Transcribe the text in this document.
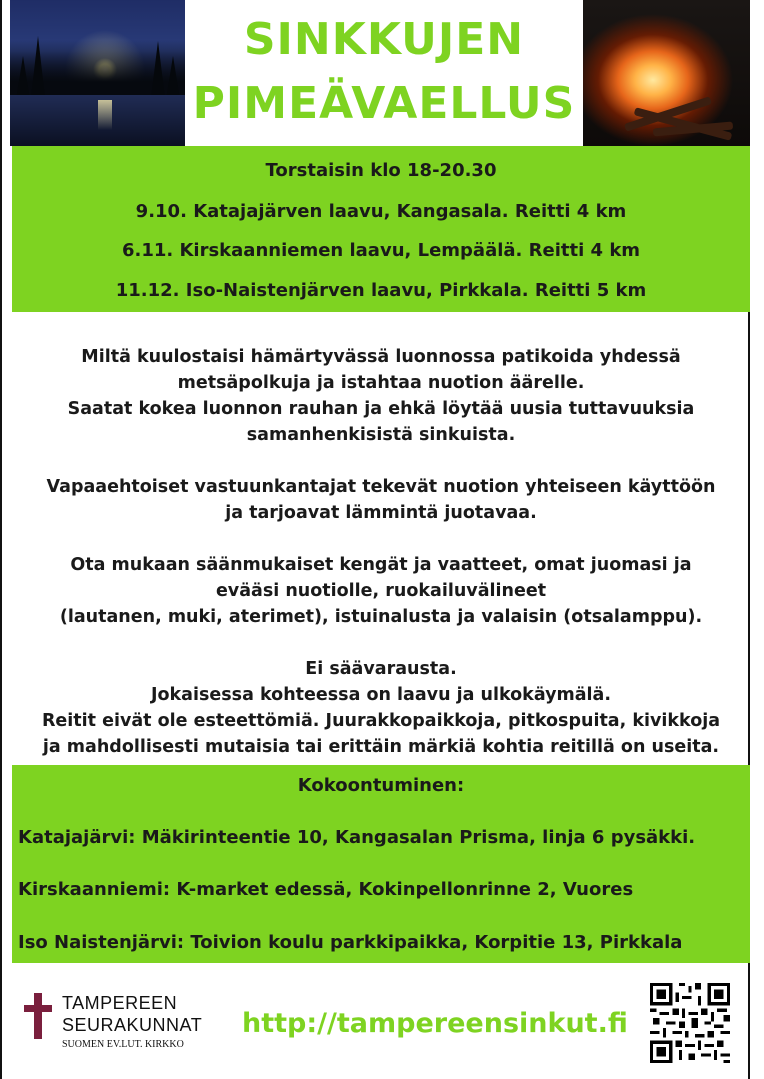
SINKKUJEN
PIMEÄVAELLUS
Torstaisin klo 18-20.30
9.10. Katajajärven laavu, Kangasala. Reitti 4 km
6.11. Kirskaanniemen laavu, Lempäälä. Reitti 4 km
11.12. Iso-Naistenjärven laavu, Pirkkala. Reitti 5 km

Miltä kuulostaisi hämärtyvässä luonnossa patikoida yhdessä
metsäpolkuja ja istahtaa nuotion äärelle.
Saatat kokea luonnon rauhan ja ehkä löytää uusia tuttavuuksia
samanhenkisistä sinkuista.

Vapaaehtoiset vastuunkantajat tekevät nuotion yhteiseen käyttöön
ja tarjoavat lämmintä juotavaa.

Ota mukaan säänmukaiset kengät ja vaatteet, omat juomasi ja
evääsi nuotiolle, ruokailuvälineet
(lautanen, muki, aterimet), istuinalusta ja valaisin (otsalamppu).

Ei säävarausta.
Jokaisessa kohteessa on laavu ja ulkokäymälä.
Reitit eivät ole esteettömiä. Juurakkopaikkoja, pitkospuita, kivikkoja
ja mahdollisesti mutaisia tai erittäin märkiä kohtia reitillä on useita.

Kokoontuminen:
Katajajärvi: Mäkirinteentie 10, Kangasalan Prisma, linja 6 pysäkki.
Kirskaanniemi: K-market edessä, Kokinpellonrinne 2, Vuores
Iso Naistenjärvi: Toivion koulu parkkipaikka, Korpitie 13, Pirkkala
TAMPEREEN
SEURAKUNNAT
SUOMEN EV.LUT. KIRKKO
http://tampereensinkut.fi
